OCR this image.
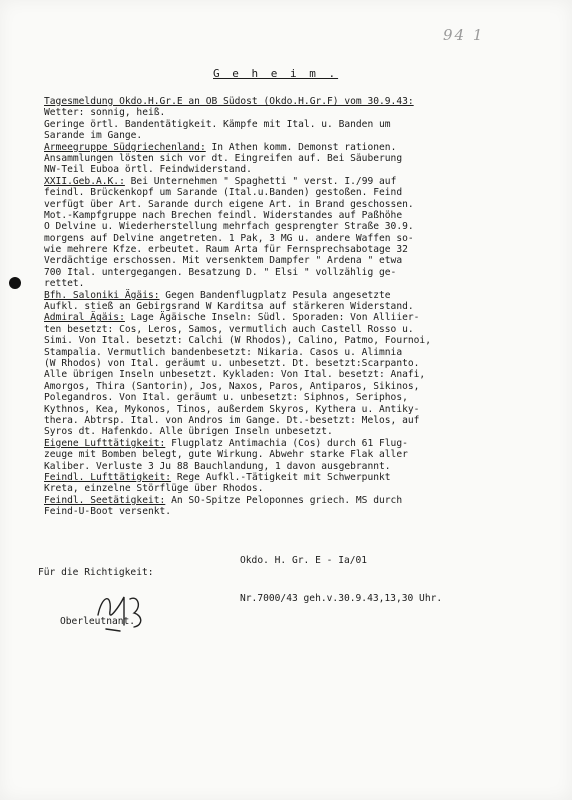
94 1
G e h e i m .
Tagesmeldung Okdo.H.Gr.E an OB Südost (Okdo.H.Gr.F) vom 30.9.43:
Wetter: sonnig, heiß.
Geringe örtl. Bandentätigkeit. Kämpfe mit Ital. u. Banden um
Sarande im Gange.
Armeegruppe Südgriechenland: In Athen komm. Demonst rationen.
Ansammlungen lösten sich vor dt. Eingreifen auf. Bei Säuberung
NW-Teil Euboa örtl. Feindwiderstand.
XXII.Geb.A.K.: Bei Unternehmen " Spaghetti " verst. I./99 auf
feindl. Brückenkopf um Sarande (Ital.u.Banden) gestoßen. Feind
verfügt über Art. Sarande durch eigene Art. in Brand geschossen.
Mot.-Kampfgruppe nach Brechen feindl. Widerstandes auf Paßhöhe
O Delvine u. Wiederherstellung mehrfach gesprengter Straße 30.9.
morgens auf Delvine angetreten. 1 Pak, 3 MG u. andere Waffen so-
wie mehrere Kfze. erbeutet. Raum Arta für Fernsprechsabotage 32
Verdächtige erschossen. Mit versenktem Dampfer " Ardena " etwa
700 Ital. untergegangen. Besatzung D. " Elsi " vollzählig ge-
rettet.
Bfh. Saloniki Ägäis: Gegen Bandenflugplatz Pesula angesetzte
Aufkl. stieß an Gebirgsrand W Karditsa auf stärkeren Widerstand.
Admiral Ägäis: Lage Ägäische Inseln: Südl. Sporaden: Von Alliier-
ten besetzt: Cos, Leros, Samos, vermutlich auch Castell Rosso u.
Simi. Von Ital. besetzt: Calchi (W Rhodos), Calino, Patmo, Fournoi,
Stampalia. Vermutlich bandenbesetzt: Nikaria. Casos u. Alimnia
(W Rhodos) von Ital. geräumt u. unbesetzt. Dt. besetzt:Scarpanto.
Alle übrigen Inseln unbesetzt. Kykladen: Von Ital. besetzt: Anafi,
Amorgos, Thira (Santorin), Jos, Naxos, Paros, Antiparos, Sikinos,
Polegandros. Von Ital. geräumt u. unbesetzt: Siphnos, Seriphos,
Kythnos, Kea, Mykonos, Tinos, außerdem Skyros, Kythera u. Antiky-
thera. Abtrsp. Ital. von Andros im Gange. Dt.-besetzt: Melos, auf
Syros dt. Hafenkdo. Alle übrigen Inseln unbesetzt.
Eigene Lufttätigkeit: Flugplatz Antimachia (Cos) durch 61 Flug-
zeuge mit Bomben belegt, gute Wirkung. Abwehr starke Flak aller
Kaliber. Verluste 3 Ju 88 Bauchlandung, 1 davon ausgebrannt.
Feindl. Lufttätigkeit: Rege Aufkl.-Tätigkeit mit Schwerpunkt
Kreta, einzelne Störflüge über Rhodos.
Feindl. Seetätigkeit: An SO-Spitze Peloponnes griech. MS durch
Feind-U-Boot versenkt.

Okdo. H. Gr. E - Ia/01

Nr.7000/43 geh.v.30.9.43,13,30 Uhr.

Für die Richtigkeit:
Oberleutnant.
